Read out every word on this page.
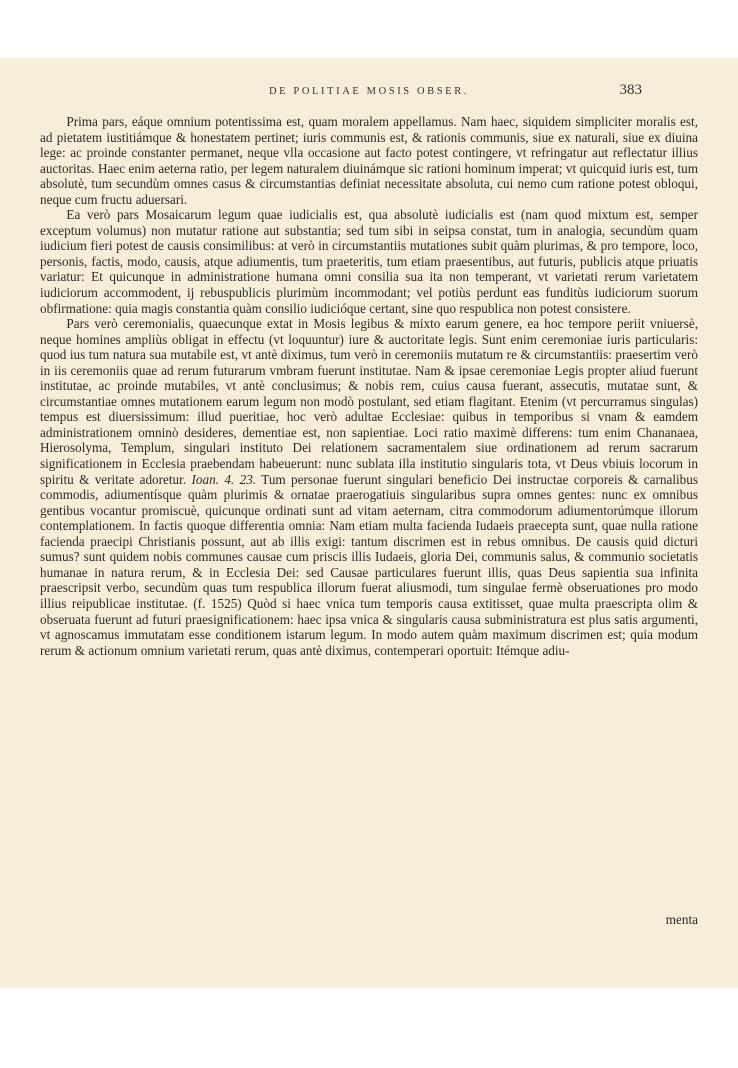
DE POLITIAE MOSIS OBSER.	383

Prima pars, eáque omnium potentissima est, quam moralem appellamus. Nam haec, siquidem simpliciter moralis est, ad pietatem iustitiámque & honestatem pertinet; iuris communis est, & rationis communis, siue ex naturali, siue ex diuina lege: ac proinde constanter permanet, neque vlla occasione aut facto potest contingere, vt refringatur aut reflectatur illius auctoritas. Haec enim aeterna ratio, per legem naturalem diuinámque sic rationi hominum imperat; vt quicquid iuris est, tum absolutè, tum secundùm omnes casus & circumstantias definiat necessitate absoluta, cui nemo cum ratione potest obloqui, neque cum fructu aduersari.

Ea verò pars Mosaicarum legum quae iudicialis est, qua absolutè iudicialis est (nam quod mixtum est, semper exceptum volumus) non mutatur ratione aut substantia; sed tum sibi in seipsa constat, tum in analogia, secundùm quam iudicium fieri potest de causis consimilibus: at verò in circumstantiis mutationes subit quàm plurimas, & pro tempore, loco, personis, factis, modo, causis, atque adiumentis, tum praeteritis, tum etiam praesentibus, aut futuris, publicis atque priuatis variatur: Et quicunque in administratione humana omni consilia sua ita non temperant, vt varietati rerum varietatem iudiciorum accommodent, ij rebuspublicis plurimùm incommodant; vel potiùs perdunt eas funditùs iudiciorum suorum obfirmatione: quia magis constantia quàm consilio iudicióque certant, sine quo respublica non potest consistere.

Pars verò ceremonialis, quaecunque extat in Mosis legibus & mixto earum genere, ea hoc tempore periit vniuersè, neque homines ampliùs obligat in effectu (vt loquuntur) iure & auctoritate legis. Sunt enim ceremoniae iuris particularis: quod ius tum natura sua mutabile est, vt antè diximus, tum verò in ceremoniis mutatum re & circumstantiis: praesertim verò in iis ceremoniis quae ad rerum futurarum vmbram fuerunt institutae. Nam & ipsae ceremoniae Legis propter aliud fuerunt institutae, ac proinde mutabiles, vt antè conclusimus; & nobis rem, cuius causa fuerant, assecutis, mutatae sunt, & circumstantiae omnes mutationem earum legum non modò postulant, sed etiam flagitant. Etenim (vt percurramus singulas) tempus est diuersissimum: illud pueritiae, hoc verò adultae Ecclesiae: quibus in temporibus si vnam & eamdem administrationem omninò desideres, dementiae est, non sapientiae. Loci ratio maximè differens: tum enim Chananaea, Hierosolyma, Templum, singulari instituto Dei relationem sacramentalem siue ordinationem ad rerum sacrarum significationem in Ecclesia praebendam habeuerunt: nunc sublata illa institutio singularis tota, vt Deus vbiuis locorum in spiritu & veritate adoretur. Ioan. 4. 23. Tum personae fuerunt singulari beneficio Dei instructae corporeis & carnalibus commodis, adiumentísque quàm plurimis & ornatae praerogatiuis singularibus supra omnes gentes: nunc ex omnibus gentibus vocantur promiscuè, quicunque ordinati sunt ad vitam aeternam, citra commodorum adiumentorúmque illorum contemplationem. In factis quoque differentia omnia: Nam etiam multa facienda Iudaeis praecepta sunt, quae nulla ratione facienda praecipi Christianis possunt, aut ab illis exigi: tantum discrimen est in rebus omnibus. De causis quid dicturi sumus? sunt quidem nobis communes causae cum priscis illis Iudaeis, gloria Dei, communis salus, & communio societatis humanae in natura rerum, & in Ecclesia Dei: sed Causae particulares fuerunt illis, quas Deus sapientia sua infinita praescripsit verbo, secundùm quas tum respublica illorum fuerat aliusmodi, tum singulae fermè obseruationes pro modo illius reipublicae institutae. (f. 1525) Quòd si haec vnica tum temporis causa extitisset, quae multa praescripta olim & obseruata fuerunt ad futuri praesignificationem: haec ipsa vnica & singularis causa subministratura est plus satis argumenti, vt agnoscamus immutatam esse conditionem istarum legum. In modo autem quàm maximum discrimen est; quia modum rerum & actionum omnium varietati rerum, quas antè diximus, contemperari oportuit: Itémque adiu-

menta
